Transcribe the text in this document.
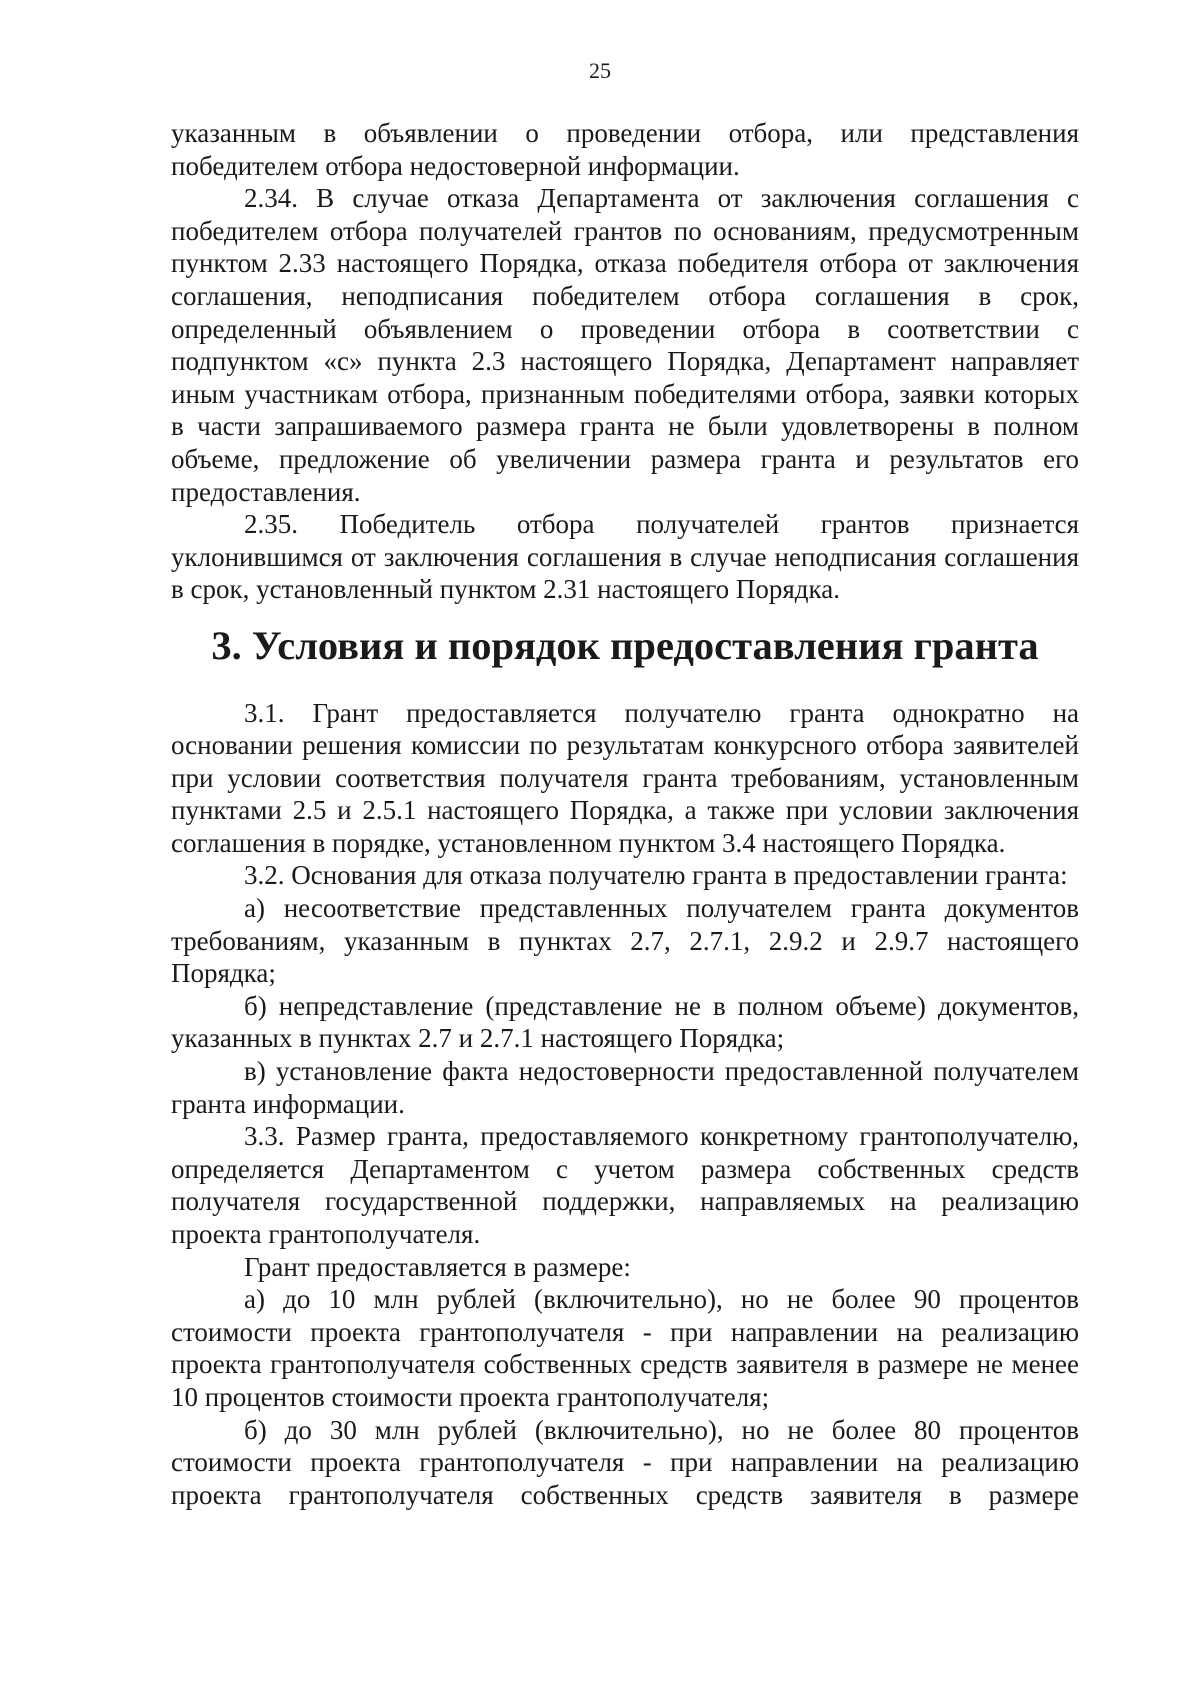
25

указанным в объявлении о проведении отбора, или представления победителем отбора недостоверной информации.

2.34. В случае отказа Департамента от заключения соглашения с победителем отбора получателей грантов по основаниям, предусмотренным пунктом 2.33 настоящего Порядка, отказа победителя отбора от заключения соглашения, неподписания победителем отбора соглашения в срок, определенный объявлением о проведении отбора в соответствии с подпунктом «с» пункта 2.3 настоящего Порядка, Департамент направляет иным участникам отбора, признанным победителями отбора, заявки которых в части запрашиваемого размера гранта не были удовлетворены в полном объеме, предложение об увеличении размера гранта и результатов его предоставления.

2.35. Победитель отбора получателей грантов признается уклонившимся от заключения соглашения в случае неподписания соглашения в срок, установленный пунктом 2.31 настоящего Порядка.

3. Условия и порядок предоставления гранта

3.1. Грант предоставляется получателю гранта однократно на основании решения комиссии по результатам конкурсного отбора заявителей при условии соответствия получателя гранта требованиям, установленным пунктами 2.5 и 2.5.1 настоящего Порядка, а также при условии заключения соглашения в порядке, установленном пунктом 3.4 настоящего Порядка.

3.2. Основания для отказа получателю гранта в предоставлении гранта:

а) несоответствие представленных получателем гранта документов требованиям, указанным в пунктах 2.7, 2.7.1, 2.9.2 и 2.9.7 настоящего Порядка;

б) непредставление (представление не в полном объеме) документов, указанных в пунктах 2.7 и 2.7.1 настоящего Порядка;

в) установление факта недостоверности предоставленной получателем гранта информации.

3.3. Размер гранта, предоставляемого конкретному грантополучателю, определяется Департаментом с учетом размера собственных средств получателя государственной поддержки, направляемых на реализацию проекта грантополучателя.

Грант предоставляется в размере:

а) до 10 млн рублей (включительно), но не более 90 процентов стоимости проекта грантополучателя - при направлении на реализацию проекта грантополучателя собственных средств заявителя в размере не менее 10 процентов стоимости проекта грантополучателя;

б) до 30 млн рублей (включительно), но не более 80 процентов стоимости проекта грантополучателя - при направлении на реализацию проекта грантополучателя собственных средств заявителя в размере
